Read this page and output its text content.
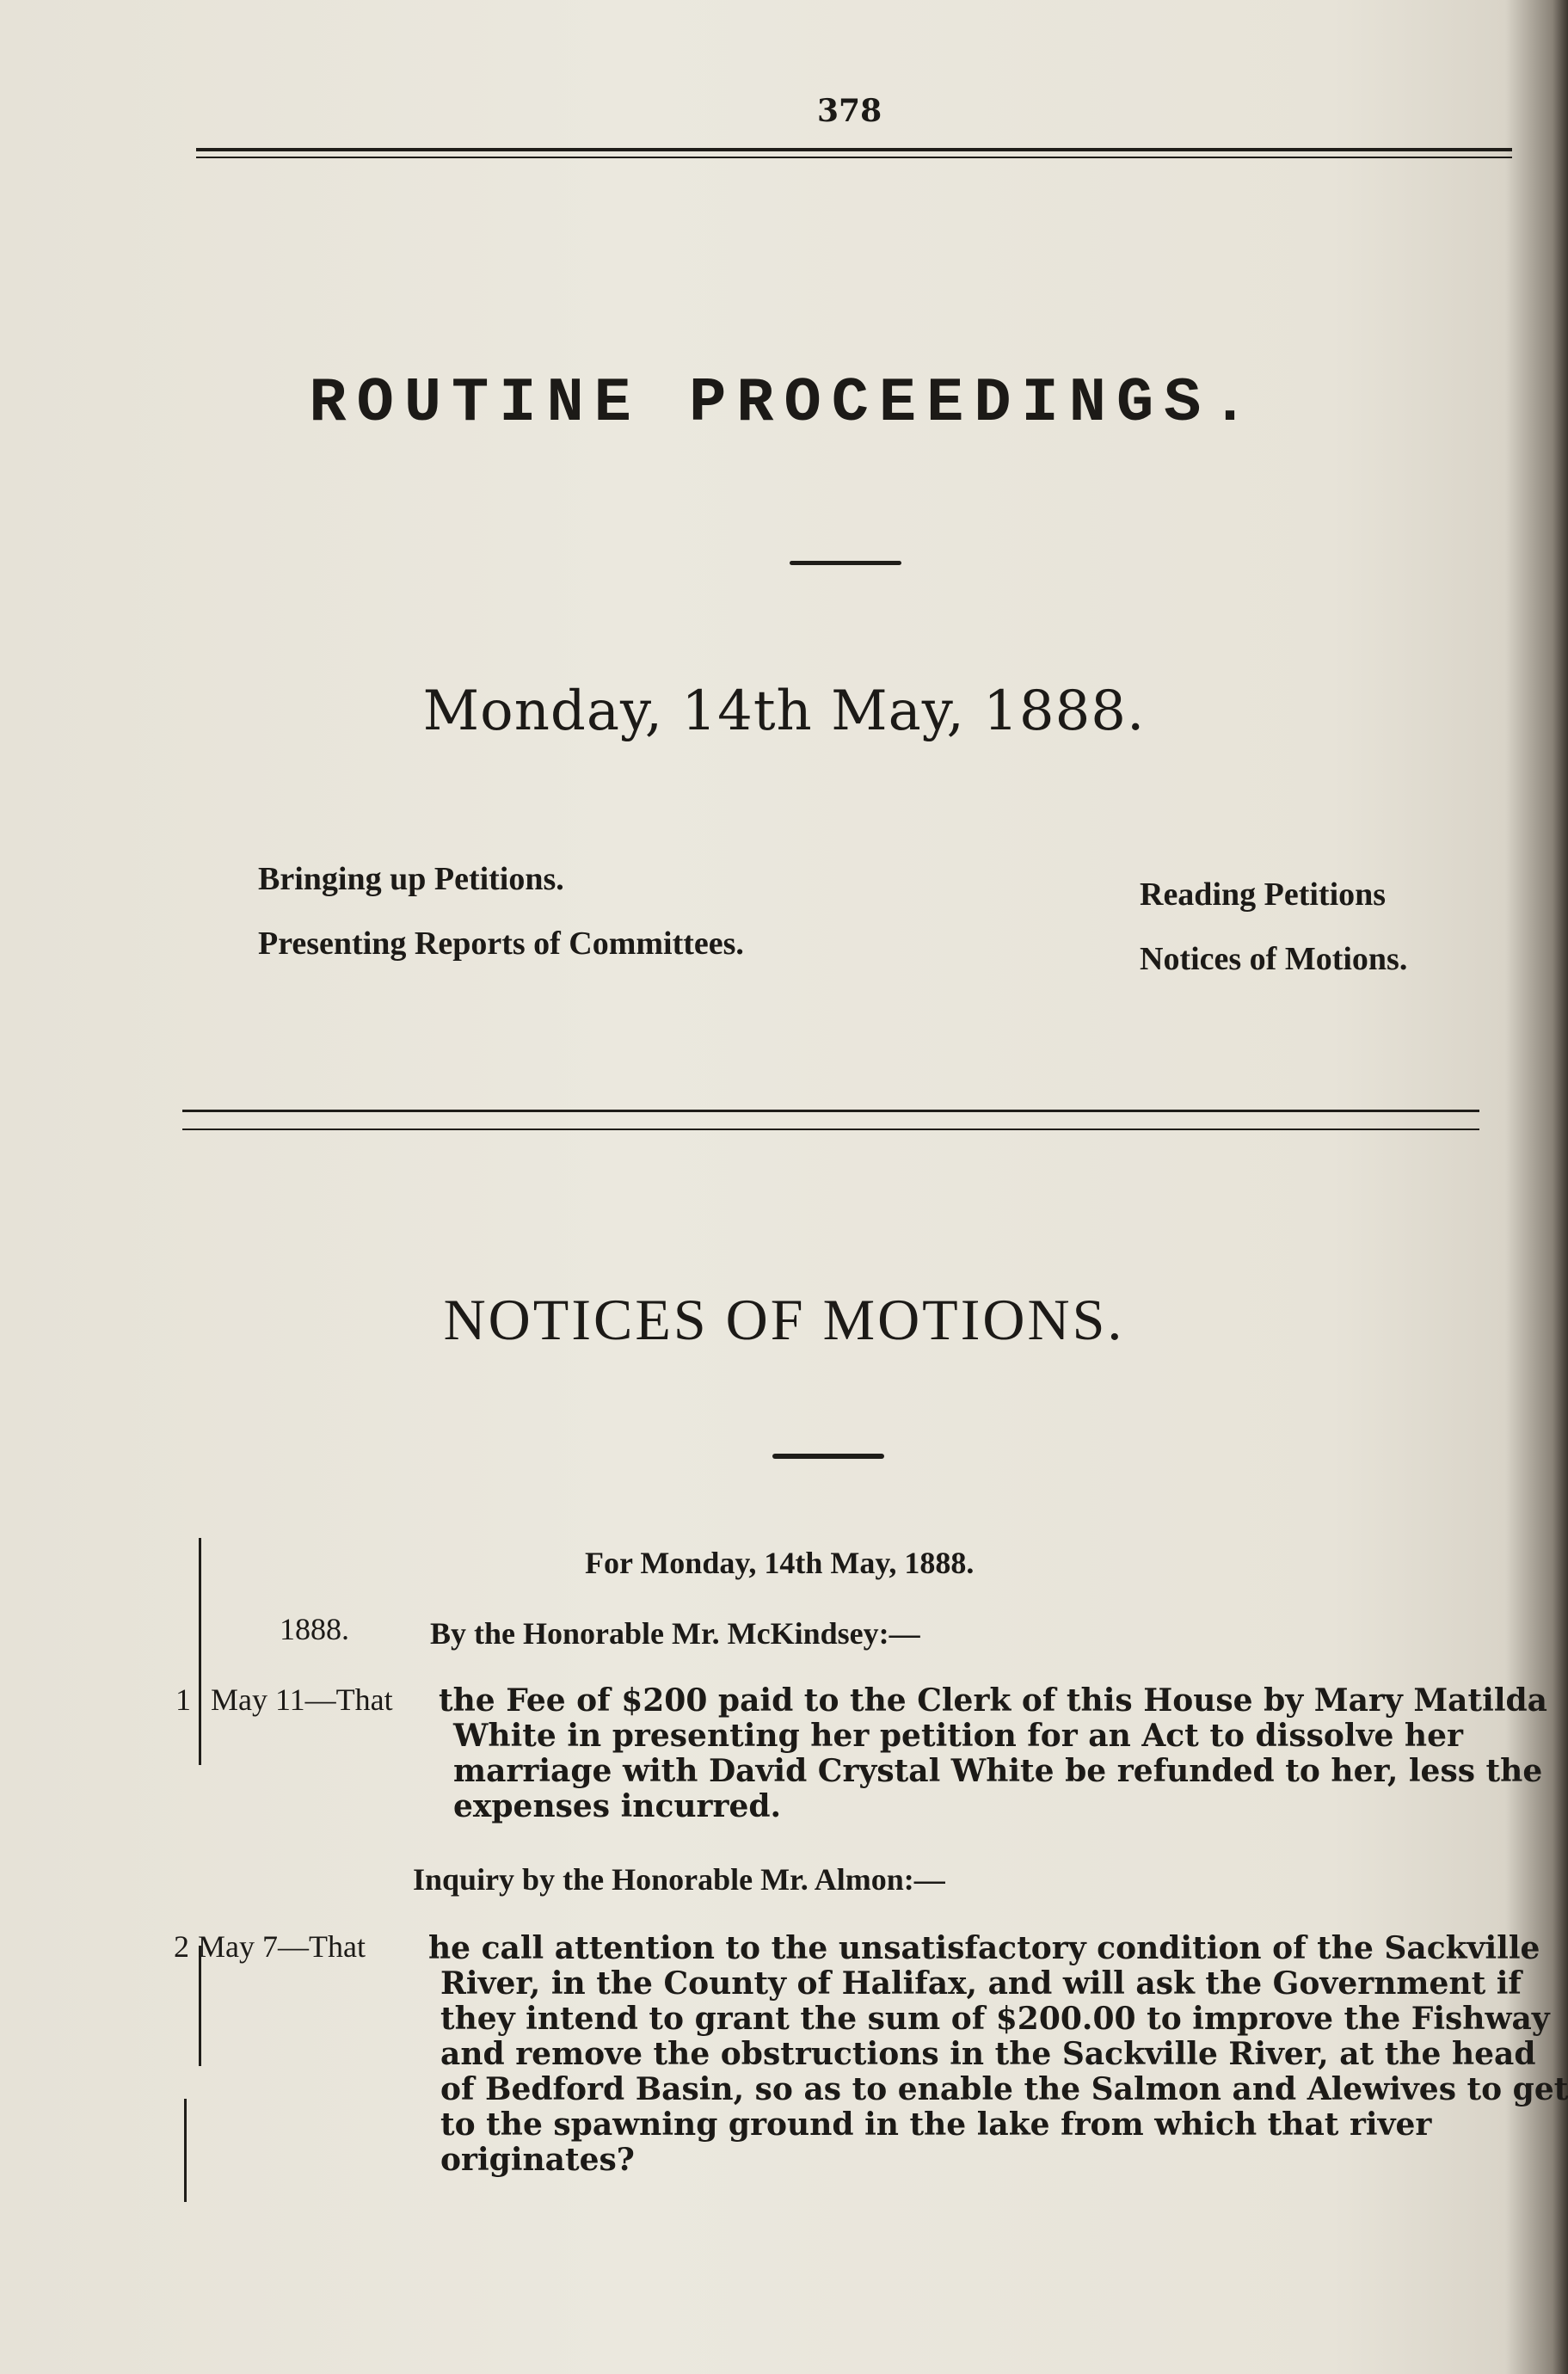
378
ROUTINE PROCEEDINGS.
Monday, 14th May, 1888.
Bringing up Petitions.
Presenting Reports of Committees.
Reading Petitions
Notices of Motions.
NOTICES OF MOTIONS.
For Monday, 14th May, 1888.
1888.	By the Honorable Mr. McKindsey:—
1 May 11—That the Fee of $200 paid to the Clerk of this House by Mary Matilda
White in presenting her petition for an Act to dissolve her
marriage with David Crystal White be refunded to her, less the
expenses incurred.
Inquiry by the Honorable Mr. Almon:—
2 May 7—That he call attention to the unsatisfactory condition of the Sackville
River, in the County of Halifax, and will ask the Government if
they intend to grant the sum of $200.00 to improve the Fishway
and remove the obstructions in the Sackville River, at the head
of Bedford Basin, so as to enable the Salmon and Alewives to get
to the spawning ground in the lake from which that river
originates?
